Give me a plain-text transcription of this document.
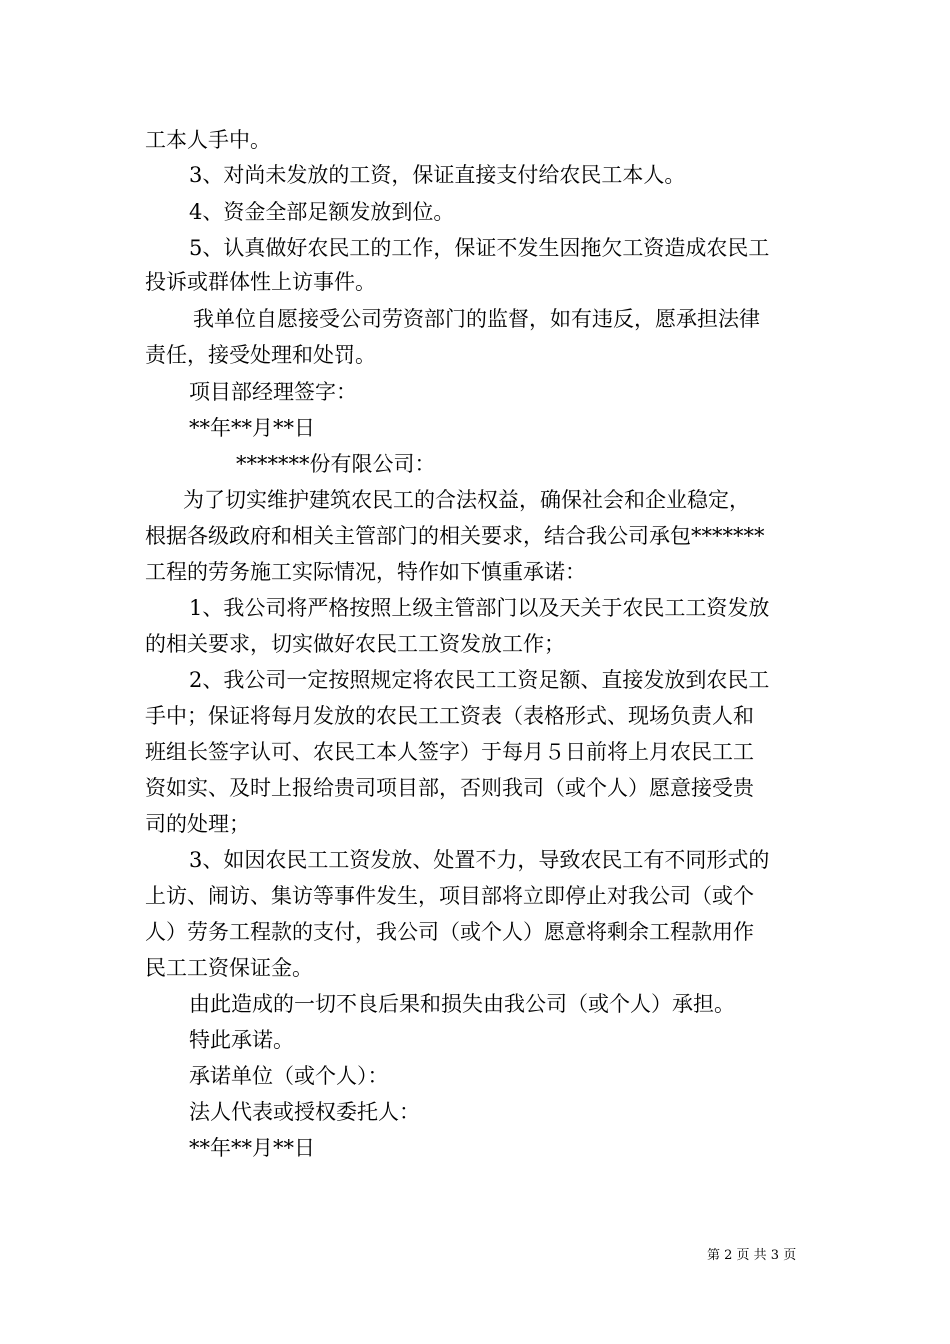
工本人手中。
3、对尚未发放的工资，保证直接支付给农民工本人。
4、资金全部足额发放到位。
5、认真做好农民工的工作，保证不发生因拖欠工资造成农民工
投诉或群体性上访事件。
我单位自愿接受公司劳资部门的监督，如有违反，愿承担法律
责任，接受处理和处罚。
项目部经理签字：
**年**月**日
*******份有限公司：
为了切实维护建筑农民工的合法权益，确保社会和企业稳定，
根据各级政府和相关主管部门的相关要求，结合我公司承包*******
工程的劳务施工实际情况，特作如下慎重承诺：
1、我公司将严格按照上级主管部门以及天关于农民工工资发放
的相关要求，切实做好农民工工资发放工作；
2、我公司一定按照规定将农民工工资足额、直接发放到农民工
手中；保证将每月发放的农民工工资表（表格形式、现场负责人和
班组长签字认可、农民工本人签字）于每月５日前将上月农民工工
资如实、及时上报给贵司项目部，否则我司（或个人）愿意接受贵
司的处理；
3、如因农民工工资发放、处置不力，导致农民工有不同形式的
上访、闹访、集访等事件发生，项目部将立即停止对我公司（或个
人）劳务工程款的支付，我公司（或个人）愿意将剩余工程款用作
民工工资保证金。
由此造成的一切不良后果和损失由我公司（或个人）承担。
特此承诺。
承诺单位（或个人）：
法人代表或授权委托人：
**年**月**日
第 2 页 共 3 页
